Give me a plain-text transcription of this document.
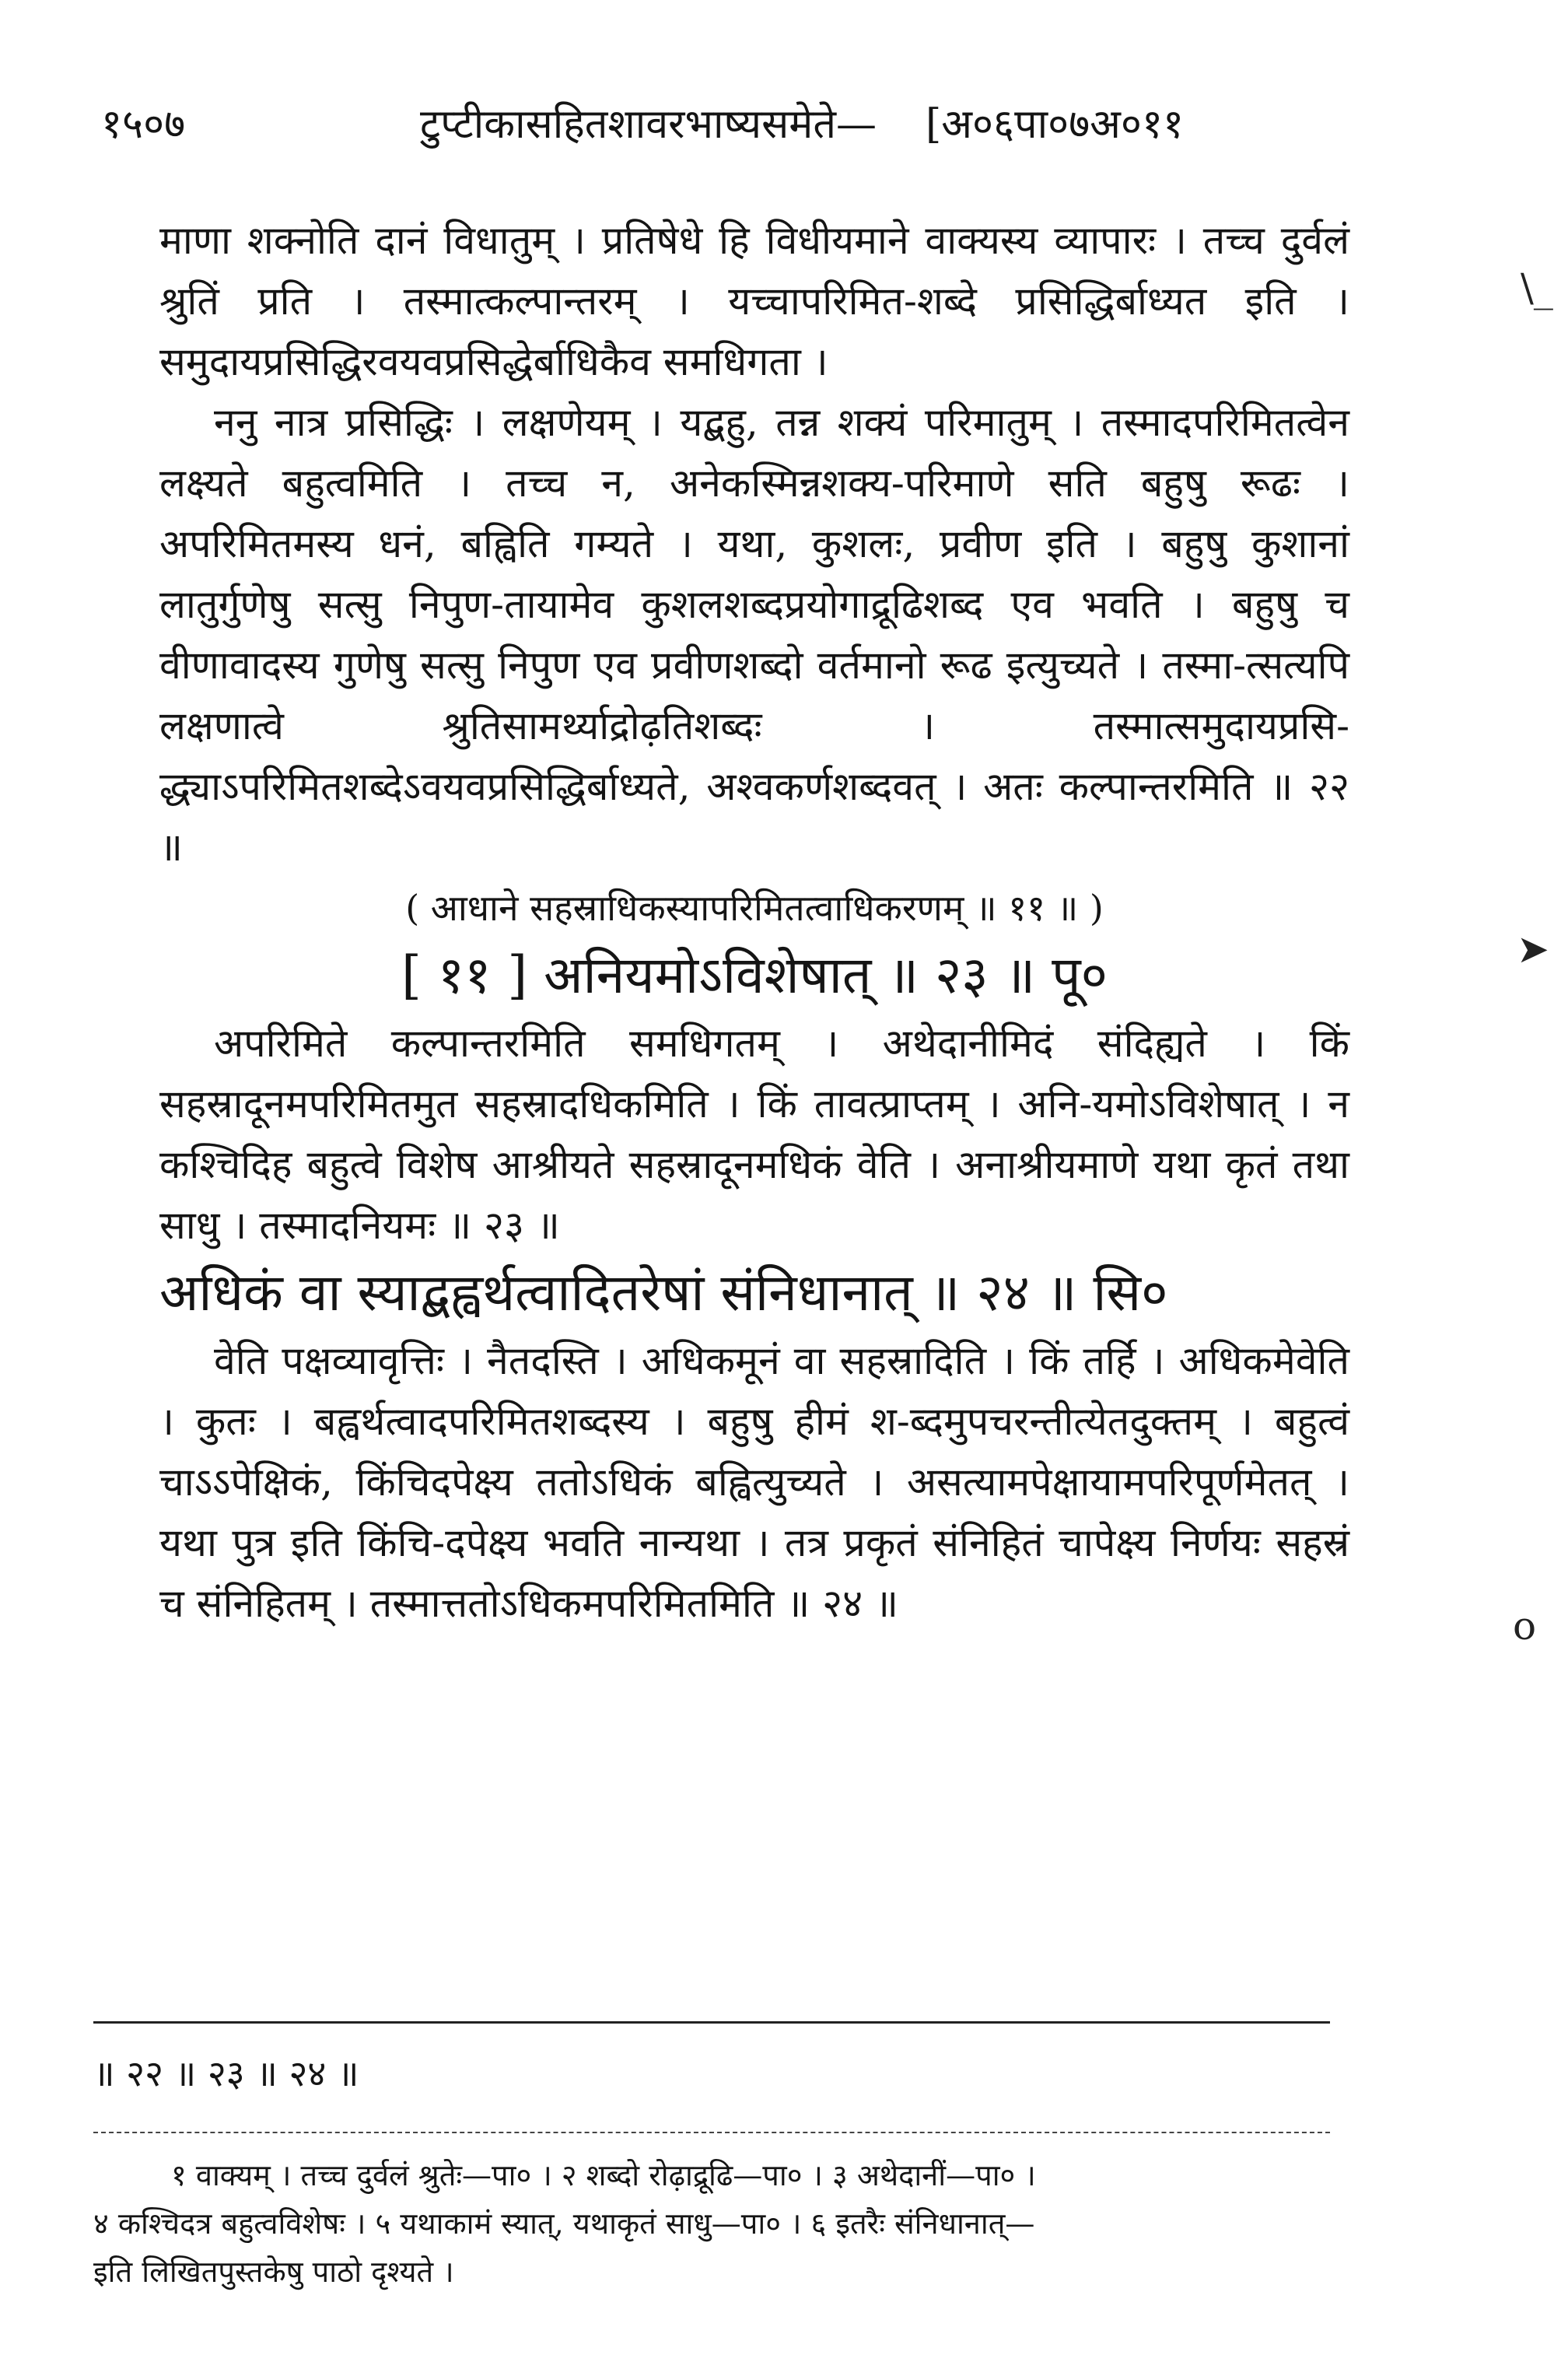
१५०७	टुप्टीकासहितशावरभाष्यसमेते— [अ०६पा०७अ०११

माणा शक्नोति दानं विधातुम् । प्रतिषेधे हि विधीयमाने वाक्यस्य व्यापारः । तच्च दुर्वलं श्रुतिं प्रति । तस्मात्कल्पान्तरम् । यच्चापरिमित-शब्दे प्रसिद्धिर्बाध्यत इति । समुदायप्रसिद्धिरवयवप्रसिद्धेर्बाधिकैव समधिगता ।

ननु नात्र प्रसिद्धिः । लक्षणेयम् । यद्बहु, तन्न शक्यं परिमातुम् । तस्मादपरिमितत्वेन लक्ष्यते बहुत्वमिति । तच्च न, अनेकस्मिन्नशक्य-परिमाणे सति बहुषु रूढः । अपरिमितमस्य धनं, बह्विति गम्यते । यथा, कुशलः, प्रवीण इति । बहुषु कुशानां लातुर्गुणेषु सत्सु निपुण-तायामेव कुशलशब्दप्रयोगाद्रूढिशब्द एव भवति । बहुषु च वीणावादस्य गुणेषु सत्सु निपुण एव प्रवीणशब्दो वर्तमानो रूढ इत्युच्यते । तस्मा-त्सत्यपि लक्षणात्वे श्रुतिसामर्थ्याद्रोढ़तिशब्दः । तस्मात्समुदायप्रसि-द्ध्याऽपरिमितशब्देऽवयवप्रसिद्धिर्बाध्यते, अश्वकर्णशब्दवत् । अतः कल्पान्तरमिति ॥ २२ ॥

( आधाने सहस्राधिकस्यापरिमितत्वाधिकरणम् ॥ ११ ॥ )

[ ११ ] अनियमोऽविशेषात् ॥ २३ ॥ पू०

अपरिमिते कल्पान्तरमिति समधिगतम् । अथेदानीमिदं संदिह्यते । किं सहस्रादूनमपरिमितमुत सहस्रादधिकमिति । किं तावत्प्राप्तम् । अनि-यमोऽविशेषात् । न कश्चिदिह बहुत्वे विशेष आश्रीयते सहस्रादूनमधिकं वेति । अनाश्रीयमाणे यथा कृतं तथा साधु । तस्मादनियमः ॥ २३ ॥

अधिकं वा स्याद्बह्वर्थत्वादितरेषां संनिधानात् ॥ २४ ॥ सि०

वेति पक्षव्यावृत्तिः । नैतदस्ति । अधिकमूनं वा सहस्रादिति । किं तर्हि । अधिकमेवेति । कुतः । बह्वर्थत्वादपरिमितशब्दस्य । बहुषु हीमं श-ब्दमुपचरन्तीत्येतदुक्तम् । बहुत्वं चाऽऽपेक्षिकं, किंचिदपेक्ष्य ततोऽधिकं बह्वित्युच्यते । असत्यामपेक्षायामपरिपूर्णमेतत् । यथा पुत्र इति किंचि-दपेक्ष्य भवति नान्यथा । तत्र प्रकृतं संनिहितं चापेक्ष्य निर्णयः सहस्रं च संनिहितम् । तस्मात्ततोऽधिकमपरिमितमिति ॥ २४ ॥

॥ २२ ॥ २३ ॥ २४ ॥

१ वाक्यम् । तच्च दुर्वलं श्रुतेः—पा० । २ शब्दो रोढ़ाद्रूढि—पा० । ३ अथेदानीं—पा० ।

४ कश्चिदत्र बहुत्वविशेषः । ५ यथाकामं स्यात्, यथाकृतं साधु—पा० । ६ इतरैः संनिधानात्—

इति लिखितपुस्तकेषु पाठो दृश्यते ।

\_
➤
o
